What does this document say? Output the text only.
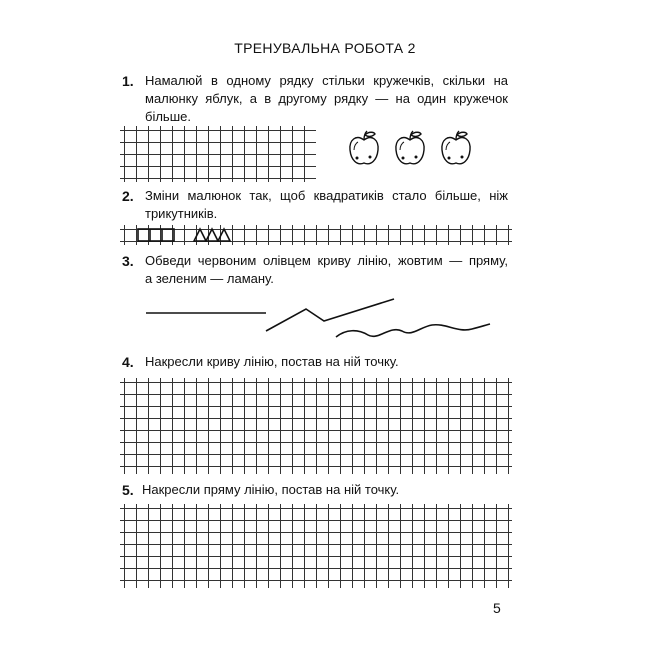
ТРЕНУВАЛЬНА РОБОТА 2
1. Намалюй в одному рядку стільки кружечків, скільки на
малюнку яблук, а в другому рядку — на один кружечок
більше.
2. Зміни малюнок так, щоб квадратиків стало більше, ніж
трикутників.
3. Обведи червоним олівцем криву лінію, жовтим — пряму,
а зеленим — ламану.
4. Накресли криву лінію, постав на ній точку.
5. Накресли пряму лінію, постав на ній точку.
5
